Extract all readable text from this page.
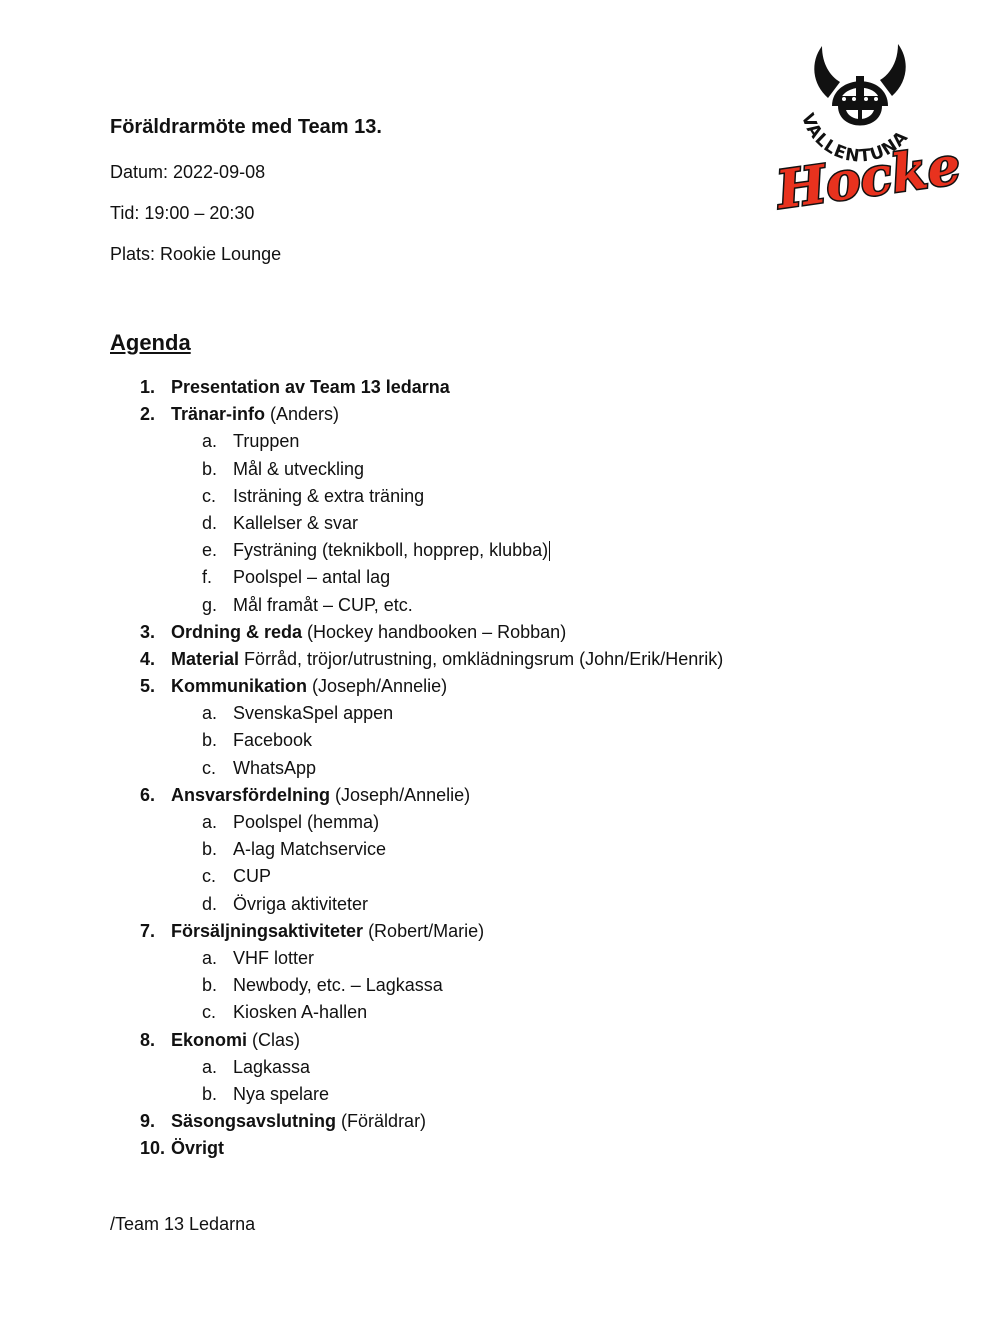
Föräldrarmöte med Team 13.
Datum: 2022-09-08
Tid: 19:00 – 20:30
Plats: Rookie Lounge
VALLENTUNA
Hockey
Agenda
1. Presentation av Team 13 ledarna
2. Tränar-info (Anders)
a. Truppen
b. Mål & utveckling
c. Isträning & extra träning
d. Kallelser & svar
e. Fysträning (teknikboll, hopprep, klubba)
f. Poolspel – antal lag
g. Mål framåt – CUP, etc.
3. Ordning & reda (Hockey handbooken – Robban)
4. Material Förråd, tröjor/utrustning, omklädningsrum (John/Erik/Henrik)
5. Kommunikation (Joseph/Annelie)
a. SvenskaSpel appen
b. Facebook
c. WhatsApp
6. Ansvarsfördelning (Joseph/Annelie)
a. Poolspel (hemma)
b. A-lag Matchservice
c. CUP
d. Övriga aktiviteter
7. Försäljningsaktiviteter (Robert/Marie)
a. VHF lotter
b. Newbody, etc. – Lagkassa
c. Kiosken A-hallen
8. Ekonomi (Clas)
a. Lagkassa
b. Nya spelare
9. Säsongsavslutning (Föräldrar)
10. Övrigt
/Team 13 Ledarna
